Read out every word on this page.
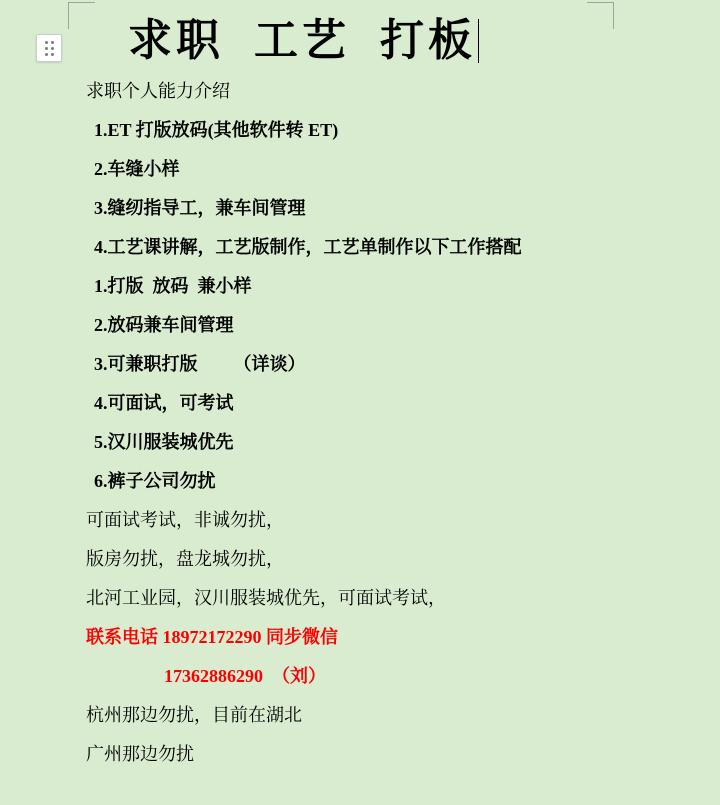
求职  工艺  打板
求职个人能力介绍
1.ET 打版放码(其他软件转 ET)
2.车缝小样
3.缝纫指导工，兼车间管理
4.工艺课讲解，工艺版制作，工艺单制作以下工作搭配
1.打版  放码  兼小样
2.放码兼车间管理
3.可兼职打版        （详谈）
4.可面试，可考试
5.汉川服装城优先
6.裤子公司勿扰
可面试考试，非诚勿扰，
版房勿扰，盘龙城勿扰，
北河工业园，汉川服装城优先，可面试考试，
联系电话 18972172290 同步微信
17362886290  （刘）
杭州那边勿扰，目前在湖北
广州那边勿扰
